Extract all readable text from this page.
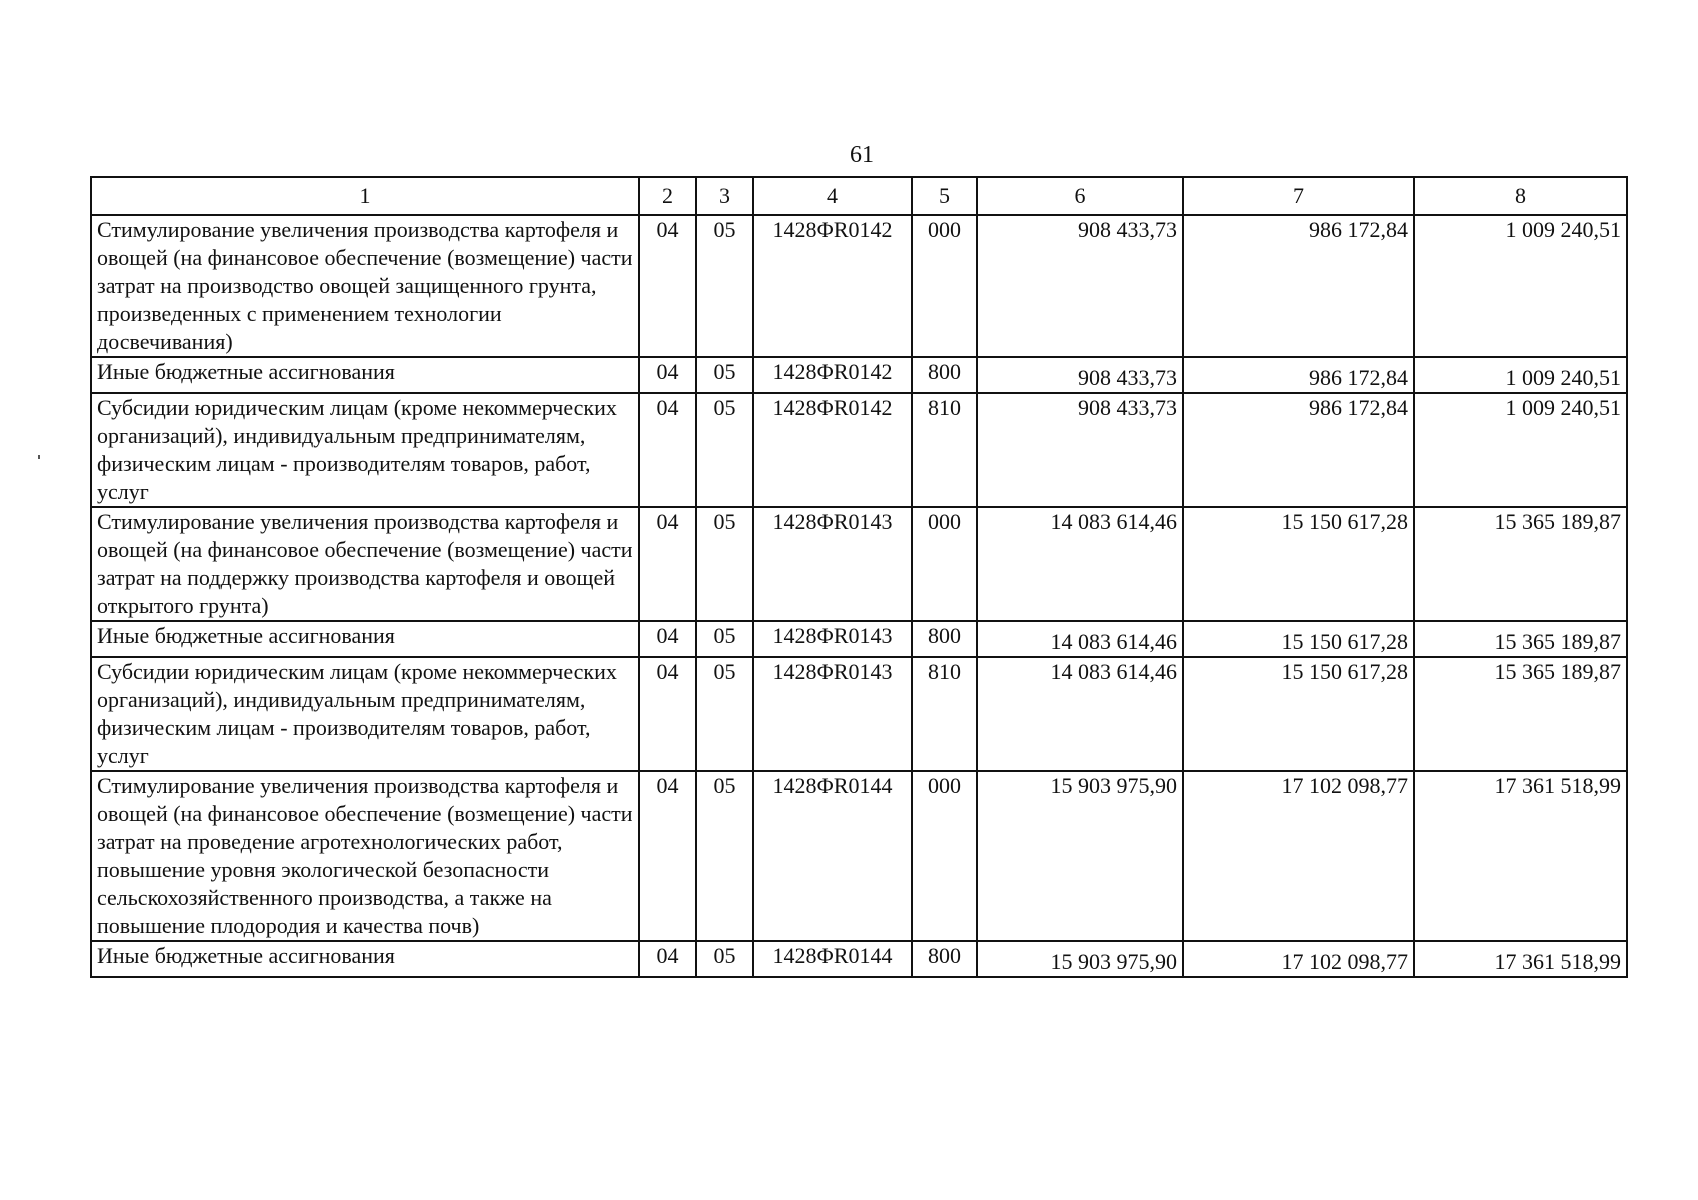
61
1	2	3	4	5	6	7	8
Стимулирование увеличения производства картофеля и овощей (на финансовое обеспечение (возмещение) части затрат на производство овощей защищенного грунта, произведенных с применением технологии досвечивания)	04	05	1428ФR0142	000	908 433,73	986 172,84	1 009 240,51
Иные бюджетные ассигнования	04	05	1428ФR0142	800	908 433,73	986 172,84	1 009 240,51
Субсидии юридическим лицам (кроме некоммерческих организаций), индивидуальным предпринимателям, физическим лицам - производителям товаров, работ, услуг	04	05	1428ФR0142	810	908 433,73	986 172,84	1 009 240,51
Стимулирование увеличения производства картофеля и овощей (на финансовое обеспечение (возмещение) части затрат на поддержку производства картофеля и овощей открытого грунта)	04	05	1428ФR0143	000	14 083 614,46	15 150 617,28	15 365 189,87
Иные бюджетные ассигнования	04	05	1428ФR0143	800	14 083 614,46	15 150 617,28	15 365 189,87
Субсидии юридическим лицам (кроме некоммерческих организаций), индивидуальным предпринимателям, физическим лицам - производителям товаров, работ, услуг	04	05	1428ФR0143	810	14 083 614,46	15 150 617,28	15 365 189,87
Стимулирование увеличения производства картофеля и овощей (на финансовое обеспечение (возмещение) части затрат на проведение агротехнологических работ, повышение уровня экологической безопасности сельскохозяйственного производства, а также на повышение плодородия и качества почв)	04	05	1428ФR0144	000	15 903 975,90	17 102 098,77	17 361 518,99
Иные бюджетные ассигнования	04	05	1428ФR0144	800	15 903 975,90	17 102 098,77	17 361 518,99
